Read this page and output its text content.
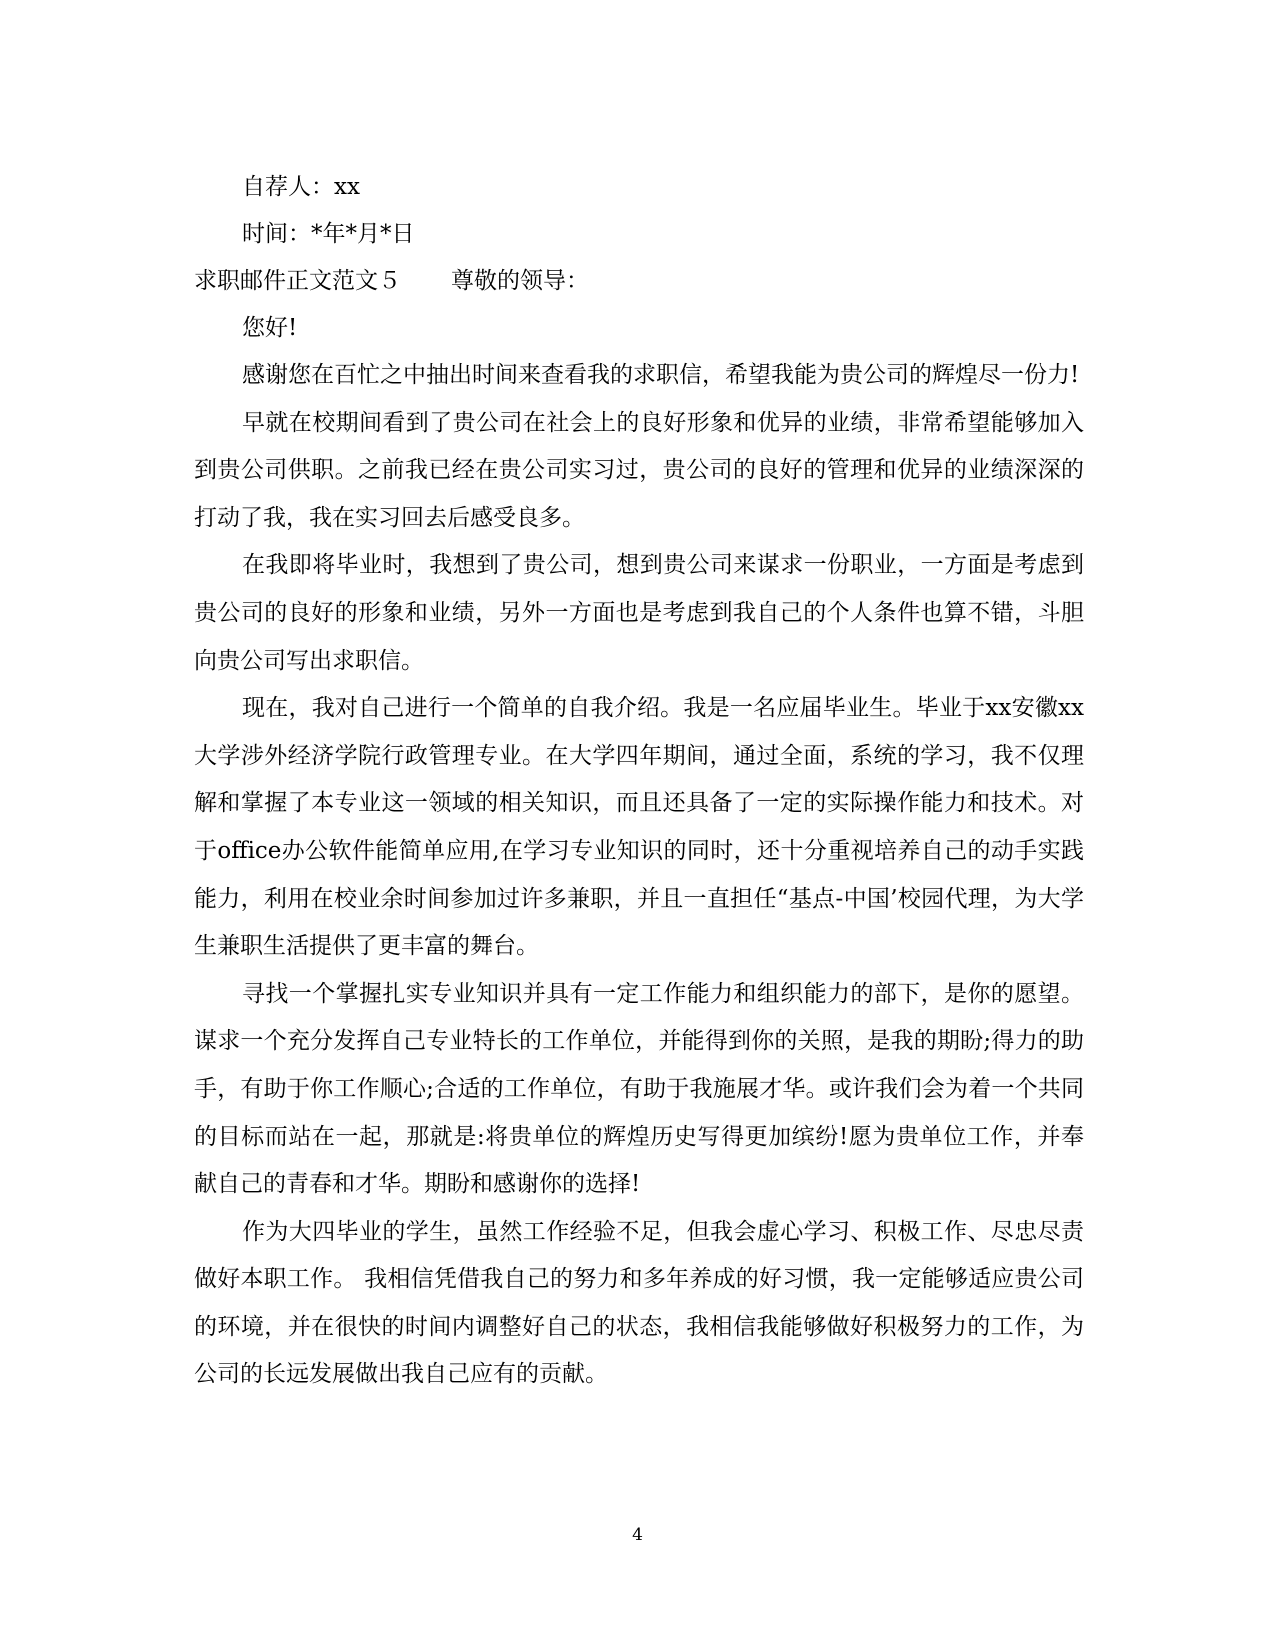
自荐人：xx
时间：*年*月*日
求职邮件正文范文５ 尊敬的领导：
您好!

感谢您在百忙之中抽出时间来查看我的求职信，希望我能为贵公司的辉煌尽一份力!

早就在校期间看到了贵公司在社会上的良好形象和优异的业绩，非常希望能够加入到贵公司供职。之前我已经在贵公司实习过，贵公司的良好的管理和优异的业绩深深的打动了我，我在实习回去后感受良多。

在我即将毕业时，我想到了贵公司，想到贵公司来谋求一份职业，一方面是考虑到贵公司的良好的形象和业绩，另外一方面也是考虑到我自己的个人条件也算不错，斗胆向贵公司写出求职信。

现在，我对自己进行一个简单的自我介绍。我是一名应届毕业生。毕业于xx安徽xx大学涉外经济学院行政管理专业。在大学四年期间，通过全面，系统的学习，我不仅理解和掌握了本专业这一领域的相关知识，而且还具备了一定的实际操作能力和技术。对于office办公软件能简单应用,在学习专业知识的同时，还十分重视培养自己的动手实践能力，利用在校业余时间参加过许多兼职，并且一直担任“基点-中国’校园代理，为大学生兼职生活提供了更丰富的舞台。

寻找一个掌握扎实专业知识并具有一定工作能力和组织能力的部下，是你的愿望。谋求一个充分发挥自己专业特长的工作单位，并能得到你的关照，是我的期盼;得力的助手，有助于你工作顺心;合适的工作单位，有助于我施展才华。或许我们会为着一个共同的目标而站在一起，那就是:将贵单位的辉煌历史写得更加缤纷!愿为贵单位工作，并奉献自己的青春和才华。期盼和感谢你的选择!

作为大四毕业的学生，虽然工作经验不足，但我会虚心学习、积极工作、尽忠尽责做好本职工作。 我相信凭借我自己的努力和多年养成的好习惯，我一定能够适应贵公司的环境，并在很快的时间内调整好自己的状态，我相信我能够做好积极努力的工作，为公司的长远发展做出我自己应有的贡献。

4
